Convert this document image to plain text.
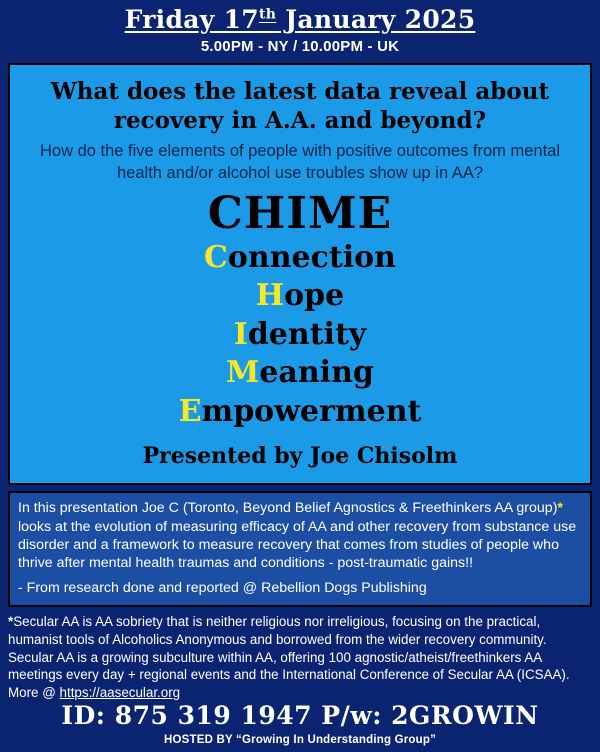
Friday 17th January 2025
5.00PM - NY / 10.00PM - UK
What does the latest data reveal about
recovery in A.A. and beyond?
How do the five elements of people with positive outcomes from mental health and/or alcohol use troubles show up in AA?
CHIME
Connection
Hope
Identity
Meaning
Empowerment
Presented by Joe Chisolm

In this presentation Joe C (Toronto, Beyond Belief Agnostics & Freethinkers AA group)* looks at the evolution of measuring efficacy of AA and other recovery from substance use disorder and a framework to measure recovery that comes from studies of people who thrive after mental health traumas and conditions - post-traumatic gains!!

- From research done and reported @ Rebellion Dogs Publishing

*Secular AA is AA sobriety that is neither religious nor irreligious, focusing on the practical, humanist tools of Alcoholics Anonymous and borrowed from the wider recovery community. Secular AA is a growing subculture within AA, offering 100 agnostic/atheist/freethinkers AA meetings every day + regional events and the International Conference of Secular AA (ICSAA). More @ https://aasecular.org
ID: 875 319 1947 P/w: 2GROWIN
HOSTED BY “Growing In Understanding Group”
